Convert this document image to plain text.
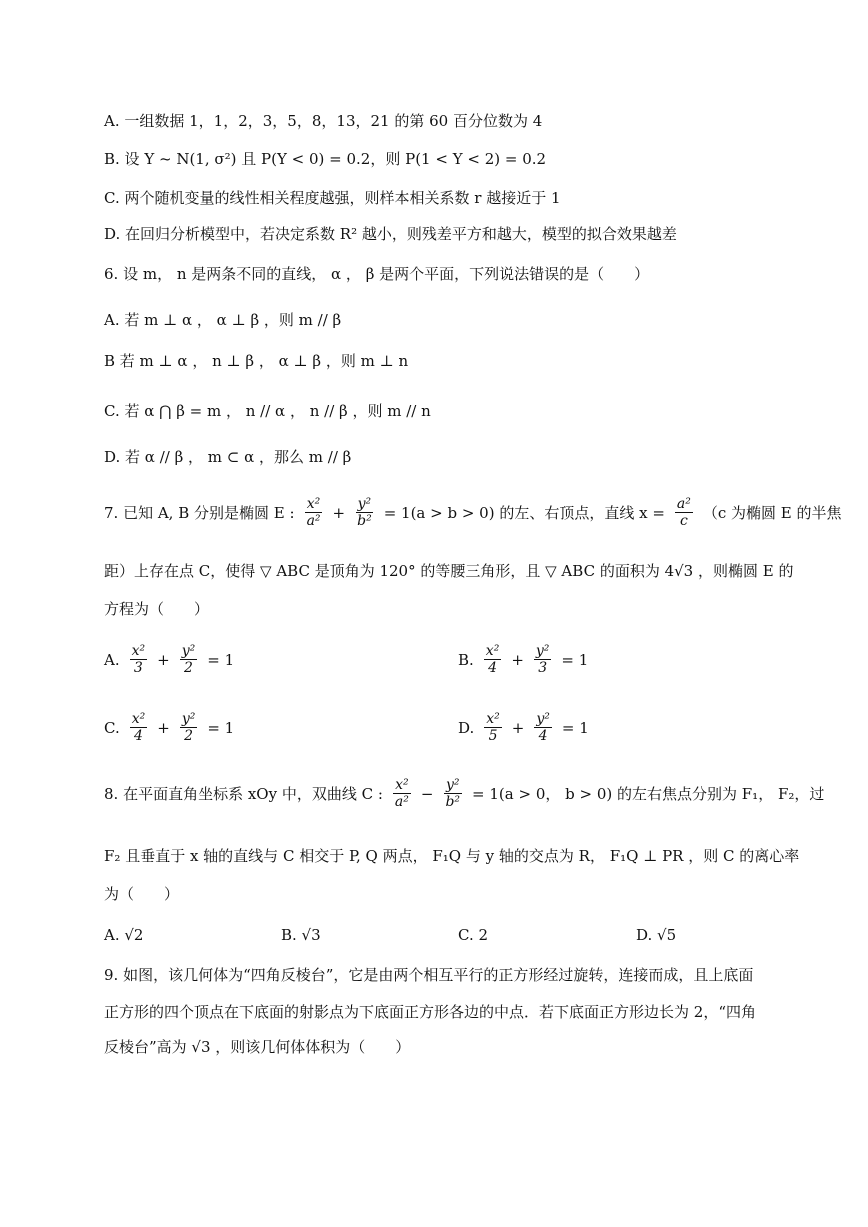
A. 一组数据 1，1，2，3，5，8，13，21 的第 60 百分位数为 4
B. 设 Y ~ N(1, σ²) 且 P(Y < 0) = 0.2，则 P(1 < Y < 2) = 0.2
C. 两个随机变量的线性相关程度越强，则样本相关系数 r 越接近于 1
D. 在回归分析模型中，若决定系数 R² 越小，则残差平方和越大，模型的拟合效果越差
6. 设 m， n 是两条不同的直线， α ， β 是两个平面，下列说法错误的是（　　）
A. 若 m ⊥ α ， α ⊥ β ，则 m // β
B 若 m ⊥ α ， n ⊥ β ， α ⊥ β ，则 m ⊥ n
C. 若 α ⋂ β = m ， n // α ， n // β ，则 m // n
D. 若 α // β ， m ⊂ α ，那么 m // β
7. 已知 A, B 分别是椭圆 E : $\frac{\text{x²}}{\text{a²}} + \frac{\text{y²}}{\text{b²}} = 1(a > b > 0)$ 的左、右顶点，直线 $x = \frac{\text{a²}}{c} (c$ 为椭圆 E 的半焦
距）上存在点 C，使得 ▽ ABC 是顶角为 120° 的等腰三角形，且 ▽ ABC 的面积为 4√3 ，则椭圆 E 的
方程为（　　）
A. $\frac{\text{x²}}{3} + \frac{\text{y²}}{2} = 1$	B. $\frac{\text{x²}}{4} + \frac{\text{y²}}{3} = 1$
C. $\frac{\text{x²}}{4} + \frac{\text{y²}}{2} = 1$	D. $\frac{\text{x²}}{5} + \frac{\text{y²}}{4} = 1$
8. 在平面直角坐标系 xOy 中，双曲线 C : $\frac{\text{x²}}{\text{a²}} - \frac{\text{y²}}{\text{b²}} = 1(a > 0$， b > 0) 的左右焦点分别为 F₁， F₂，过
F₂ 且垂直于 x 轴的直线与 C 相交于 P, Q 两点， F₁Q 与 y 轴的交点为 R， F₁Q ⊥ PR ，则 C 的离心率
为（　　）
A. √2	B. √3	C. 2	D. √5
9. 如图，该几何体为“四角反棱台”，它是由两个相互平行的正方形经过旋转，连接而成，且上底面
正方形的四个顶点在下底面的射影点为下底面正方形各边的中点．若下底面正方形边长为 2，“四角
反棱台”高为 √3 ，则该几何体体积为（　　）
